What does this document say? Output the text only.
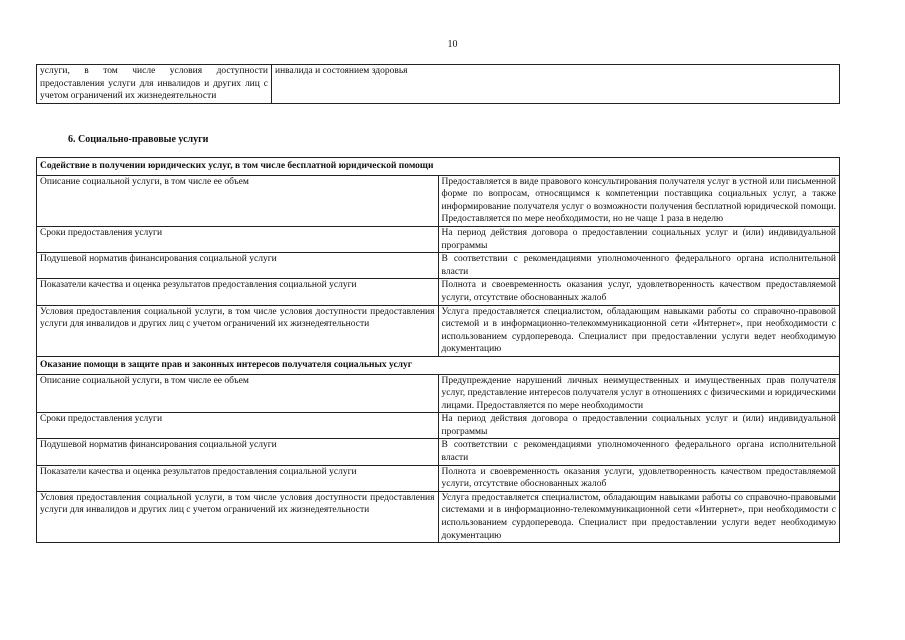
10
услуги, в том числе условия доступности предоставления услуги для инвалидов и других лиц с учетом ограничений их жизнедеятельности	инвалида и состоянием здоровья
6. Социально-правовые услуги
Содействие в получении юридических услуг, в том числе бесплатной юридической помощи	
Описание социальной услуги, в том числе ее объем	Предоставляется в виде правового консультирования получателя услуг в устной или письменной форме по вопросам, относящимся к компетенции поставщика социальных услуг, а также информирование получателя услуг о возможности получения бесплатной юридической помощи. Предоставляется по мере необходимости, но не чаще 1 раза в неделю
Сроки предоставления услуги	На период действия договора о предоставлении социальных услуг и (или) индивидуальной программы
Подушевой норматив финансирования социальной услуги	В соответствии с рекомендациями уполномоченного федерального органа исполнительной власти
Показатели качества и оценка результатов предоставления социальной услуги	Полнота и своевременность оказания услуг, удовлетворенность качеством предоставляемой услуги, отсутствие обоснованных жалоб
Условия предоставления социальной услуги, в том числе условия доступности предоставления услуги для инвалидов и других лиц с учетом ограничений их жизнедеятельности	Услуга предоставляется специалистом, обладающим навыками работы со справочно-правовой системой и в информационно-телекоммуникационной сети «Интернет», при необходимости с использованием сурдоперевода. Специалист при предоставлении услуги ведет необходимую документацию
Оказание помощи в защите прав и законных интересов получателя социальных услуг	
Описание социальной услуги, в том числе ее объем	Предупреждение нарушений личных неимущественных и имущественных прав получателя услуг, представление интересов получателя услуг в отношениях с физическими и юридическими лицами. Предоставляется по мере необходимости
Сроки предоставления услуги	На период действия договора о предоставлении социальных услуг и (или) индивидуальной программы
Подушевой норматив финансирования социальной услуги	В соответствии с рекомендациями уполномоченного федерального органа исполнительной власти
Показатели качества и оценка результатов предоставления социальной услуги	Полнота и своевременность оказания услуги, удовлетворенность качеством предоставляемой услуги, отсутствие обоснованных жалоб
Условия предоставления социальной услуги, в том числе условия доступности предоставления услуги для инвалидов и других лиц с учетом ограничений их жизнедеятельности	Услуга предоставляется специалистом, обладающим навыками работы со справочно-правовыми системами и в информационно-телекоммуникационной сети «Интернет», при необходимости с использованием сурдоперевода. Специалист при предоставлении услуги ведет необходимую документацию
